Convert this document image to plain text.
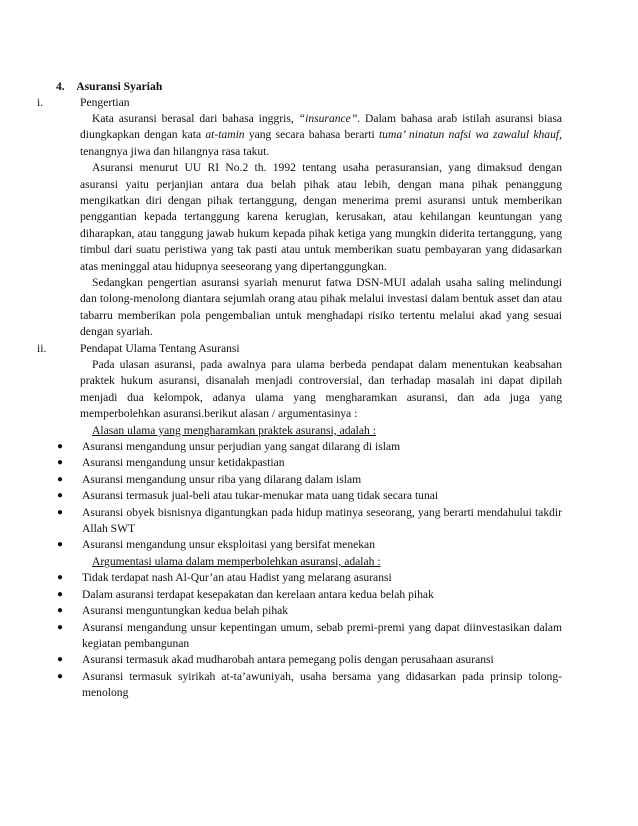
4. Asuransi Syariah
i.	Pengertian

Kata asuransi berasal dari bahasa inggris, “insurance”. Dalam bahasa arab istilah asuransi biasa diungkapkan dengan kata at-tamin yang secara bahasa berarti tuma’ ninatun nafsi wa zawalul khauf, tenangnya jiwa dan hilangnya rasa takut.

Asuransi menurut UU RI No.2 th. 1992 tentang usaha perasuransian, yang dimaksud dengan asuransi yaitu perjanjian antara dua belah pihak atau lebih, dengan mana pihak penanggung mengikatkan diri dengan pihak tertanggung, dengan menerima premi asuransi untuk memberikan penggantian kepada tertanggung karena kerugian, kerusakan, atau kehilangan keuntungan yang diharapkan, atau tanggung jawab hukum kepada pihak ketiga yang mungkin diderita tertanggung, yang timbul dari suatu peristiwa yang tak pasti atau untuk memberikan suatu pembayaran yang didasarkan atas meninggal atau hidupnya seeseorang yang dipertanggungkan.

Sedangkan pengertian asuransi syariah menurut fatwa DSN-MUI adalah usaha saling melindungi dan tolong-menolong diantara sejumlah orang atau pihak melalui investasi dalam bentuk asset dan atau tabarru memberikan pola pengembalian untuk menghadapi risiko tertentu melalui akad yang sesuai dengan syariah.

ii.	Pendapat Ulama Tentang Asuransi

Pada ulasan asuransi, pada awalnya para ulama berbeda pendapat dalam menentukan keabsahan praktek hukum asuransi, disanalah menjadi controversial, dan terhadap masalah ini dapat dipilah menjadi dua kelompok, adanya ulama yang mengharamkan asuransi, dan ada juga yang memperbolehkan asuransi.berikut alasan / argumentasinya :

Alasan ulama yang mengharamkan praktek asuransi, adalah :
● Asuransi mengandung unsur perjudian yang sangat dilarang di islam
● Asuransi mengandung unsur ketidakpastian
● Asuransi mengandung unsur riba yang dilarang dalam islam
● Asuransi termasuk jual-beli atau tukar-menukar mata uang tidak secara tunai
● Asuransi obyek bisnisnya digantungkan pada hidup matinya seseorang, yang berarti mendahului takdir Allah SWT
● Asuransi mengandung unsur eksploitasi yang bersifat menekan
Argumentasi ulama dalam memperbolehkan asuransi, adalah :
● Tidak terdapat nash Al-Qur’an atau Hadist yang melarang asuransi
● Dalam asuransi terdapat kesepakatan dan kerelaan antara kedua belah pihak
● Asuransi menguntungkan kedua belah pihak
● Asuransi mengandung unsur kepentingan umum, sebab premi-premi yang dapat diinvestasikan dalam kegiatan pembangunan
● Asuransi termasuk akad mudharobah antara pemegang polis dengan perusahaan asuransi
● Asuransi termasuk syirikah at-ta’awuniyah, usaha bersama yang didasarkan pada prinsip tolong-menolong
